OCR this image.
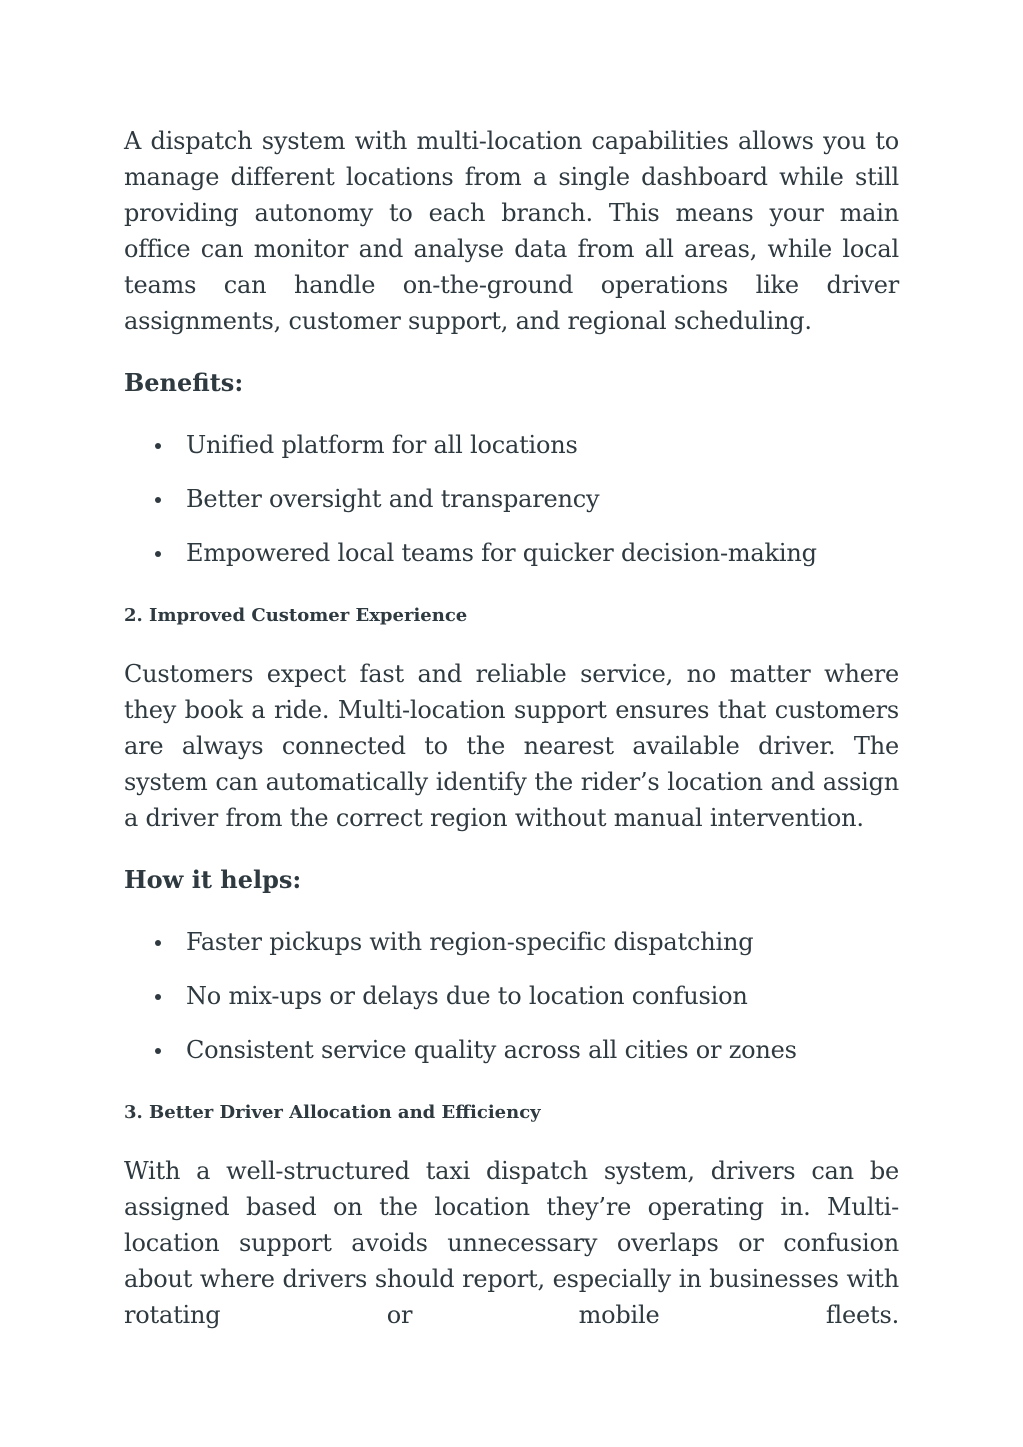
A dispatch system with multi-location capabilities allows you to manage different locations from a single dashboard while still providing autonomy to each branch. This means your main office can monitor and analyse data from all areas, while local teams can handle on-the-ground operations like driver assignments, customer support, and regional scheduling.

Benefits:
Unified platform for all locations
Better oversight and transparency
Empowered local teams for quicker decision-making
2. Improved Customer Experience

Customers expect fast and reliable service, no matter where they book a ride. Multi-location support ensures that customers are always connected to the nearest available driver. The system can automatically identify the rider’s location and assign a driver from the correct region without manual intervention.

How it helps:
Faster pickups with region-specific dispatching
No mix-ups or delays due to location confusion
Consistent service quality across all cities or zones
3. Better Driver Allocation and Efficiency

With a well-structured taxi dispatch system, drivers can be assigned based on the location they’re operating in. Multi-location support avoids unnecessary overlaps or confusion about where drivers should report, especially in businesses with rotating or mobile fleets.
